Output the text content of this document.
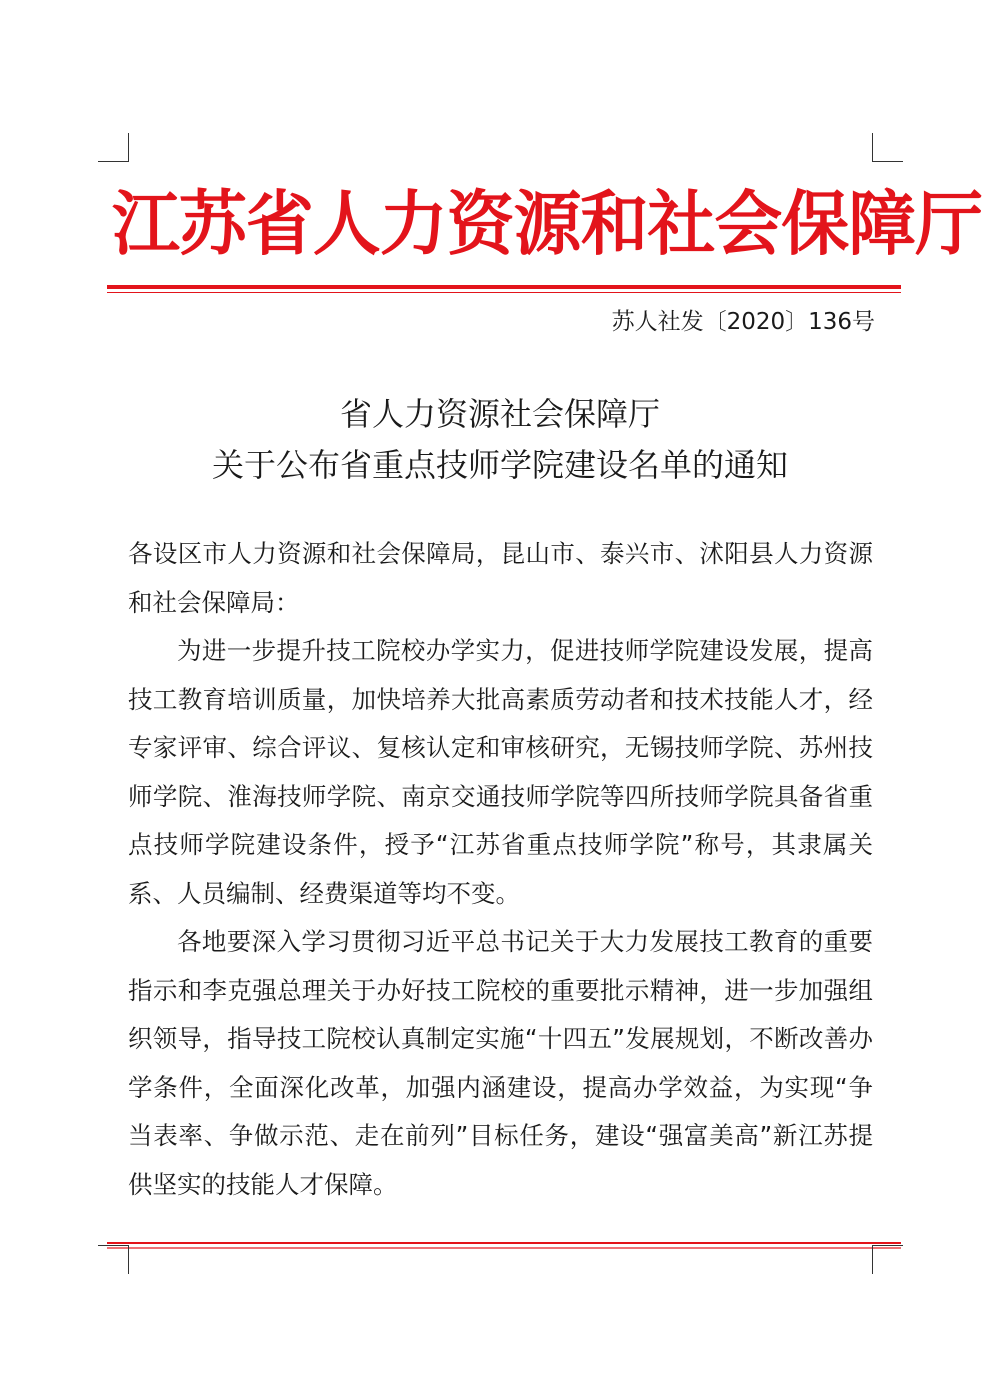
江苏省人力资源和社会保障厅
苏人社发〔2020〕136号
省人力资源社会保障厅
关于公布省重点技师学院建设名单的通知

各设区市人力资源和社会保障局，昆山市、泰兴市、沭阳县人力资源和社会保障局：

为进一步提升技工院校办学实力，促进技师学院建设发展，提高技工教育培训质量，加快培养大批高素质劳动者和技术技能人才，经专家评审、综合评议、复核认定和审核研究，无锡技师学院、苏州技师学院、淮海技师学院、南京交通技师学院等四所技师学院具备省重点技师学院建设条件，授予“江苏省重点技师学院”称号，其隶属关系、人员编制、经费渠道等均不变。

各地要深入学习贯彻习近平总书记关于大力发展技工教育的重要指示和李克强总理关于办好技工院校的重要批示精神，进一步加强组织领导，指导技工院校认真制定实施“十四五”发展规划，不断改善办学条件，全面深化改革，加强内涵建设，提高办学效益，为实现“争当表率、争做示范、走在前列”目标任务，建设“强富美高”新江苏提供坚实的技能人才保障。
